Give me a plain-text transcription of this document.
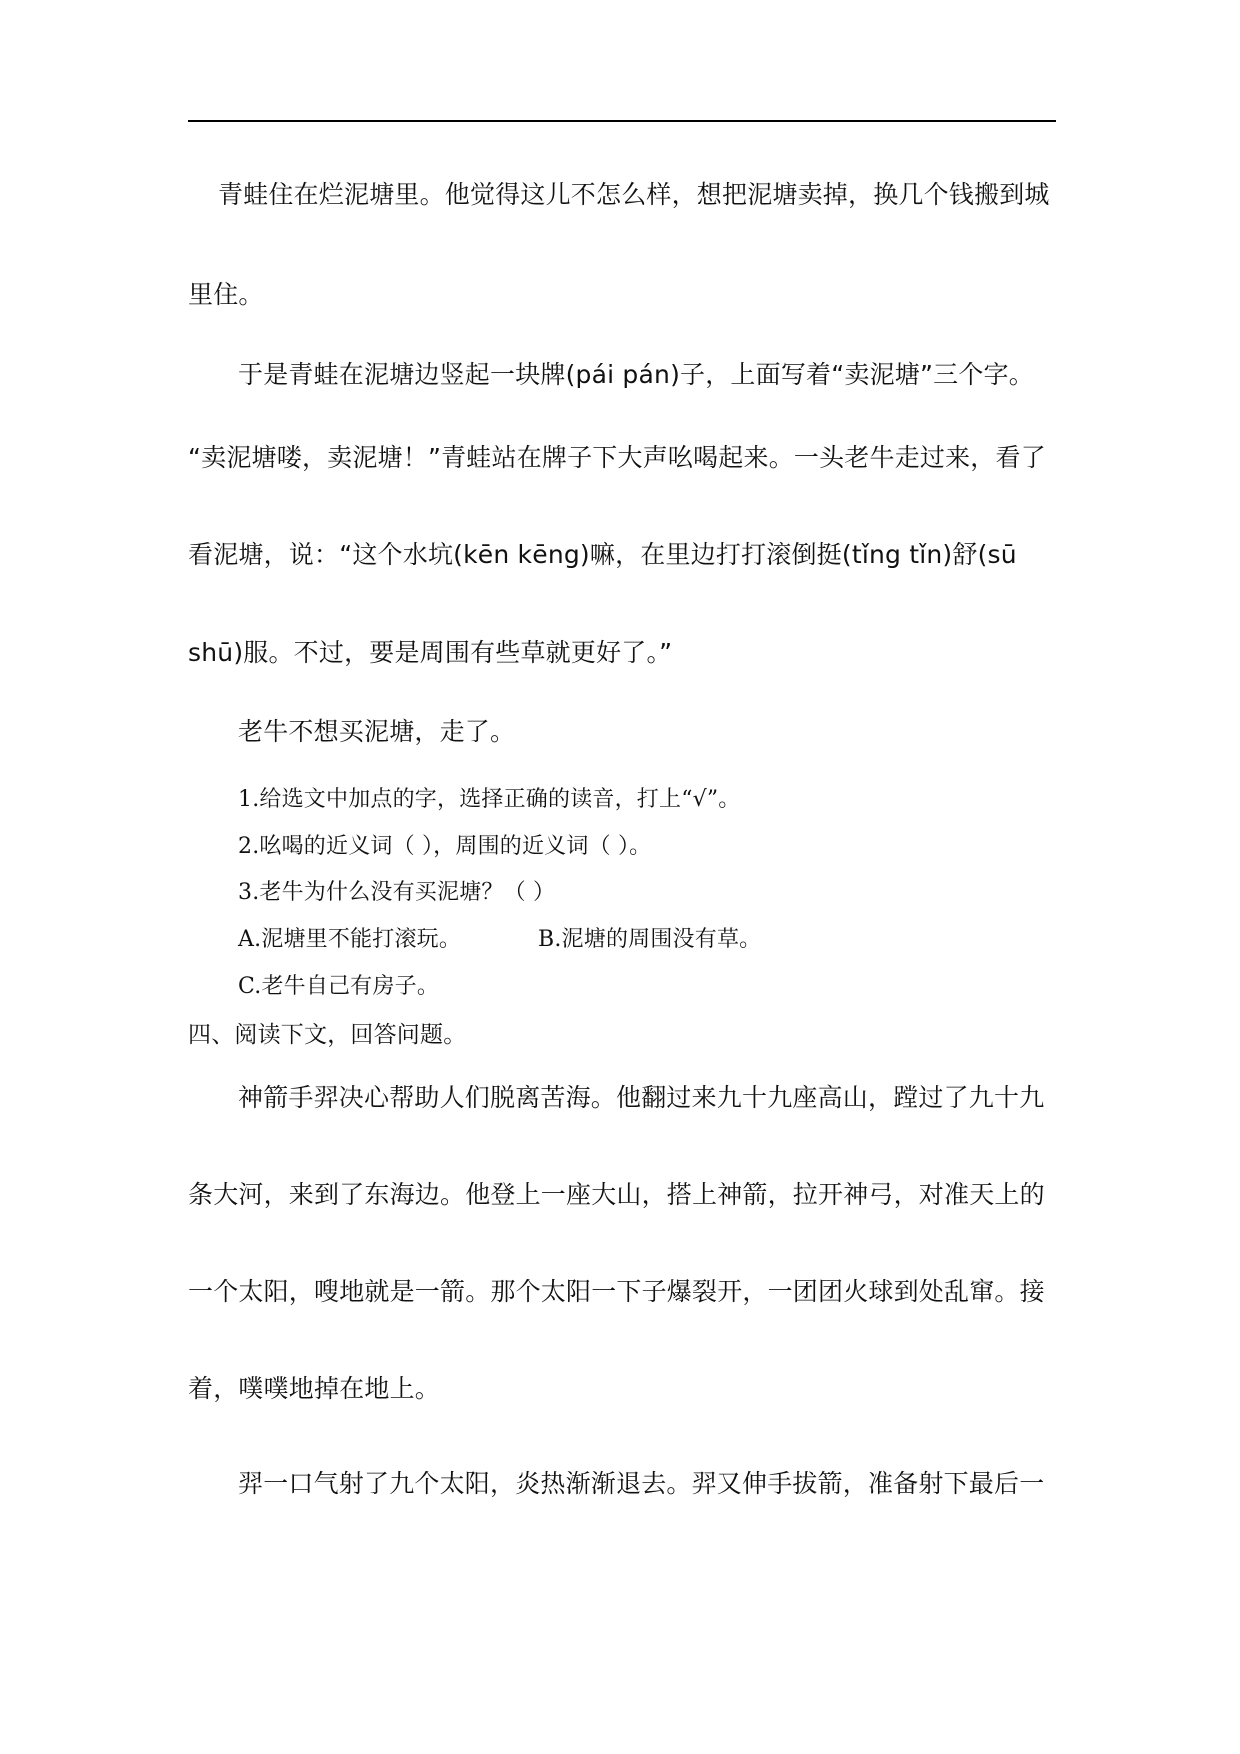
青蛙住在烂泥塘里。他觉得这儿不怎么样，想把泥塘卖掉，换几个钱搬到城
里住。
于是青蛙在泥塘边竖起一块牌(pái pán)子，上面写着“卖泥塘”三个字。
“卖泥塘喽，卖泥塘！”青蛙站在牌子下大声吆喝起来。一头老牛走过来，看了
看泥塘，说：“这个水坑(kēn kēng)嘛，在里边打打滚倒挺(tǐng tǐn)舒(sū
shū)服。不过，要是周围有些草就更好了。”
老牛不想买泥塘，走了。
1.给选文中加点的字，选择正确的读音，打上“√”。
2.吆喝的近义词（ ），周围的近义词（ ）。
3.老牛为什么没有买泥塘？（ ）
A.泥塘里不能打滚玩。	B.泥塘的周围没有草。
C.老牛自己有房子。
四、阅读下文，回答问题。
神箭手羿决心帮助人们脱离苦海。他翻过来九十九座高山，蹚过了九十九
条大河，来到了东海边。他登上一座大山，搭上神箭，拉开神弓，对准天上的
一个太阳，嗖地就是一箭。那个太阳一下子爆裂开，一团团火球到处乱窜。接
着，噗噗地掉在地上。
羿一口气射了九个太阳，炎热渐渐退去。羿又伸手拔箭，准备射下最后一
